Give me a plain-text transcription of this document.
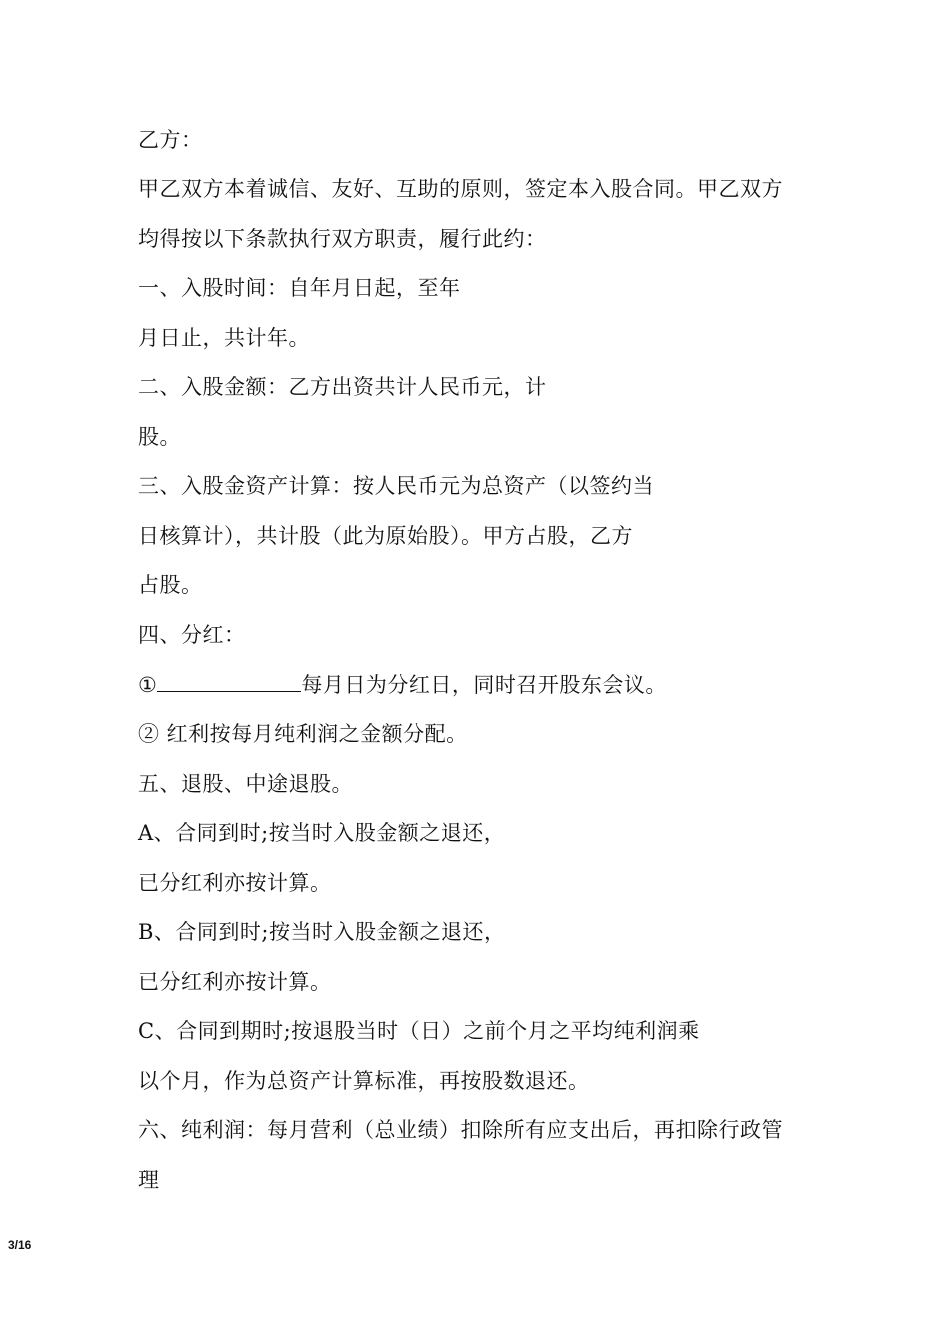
乙方：
甲乙双方本着诚信、友好、互助的原则，签定本入股合同。甲乙双方
均得按以下条款执行双方职责，履行此约：
一、入股时间：自年月日起，至年
月日止，共计年。
二、入股金额：乙方出资共计人民币元，计
股。
三、入股金资产计算：按人民币元为总资产（以签约当
日核算计），共计股（此为原始股）。甲方占股，乙方
占股。
四、分红：
①	每月日为分红日，同时召开股东会议。
② 红利按每月纯利润之金额分配。
五、退股、中途退股。
A、合同到时;按当时入股金额之退还，
已分红利亦按计算。
B、合同到时;按当时入股金额之退还，
已分红利亦按计算。
C、合同到期时;按退股当时（日）之前个月之平均纯利润乘
以个月，作为总资产计算标准，再按股数退还。
六、纯利润：每月营利（总业绩）扣除所有应支出后，再扣除行政管
理
3/16
